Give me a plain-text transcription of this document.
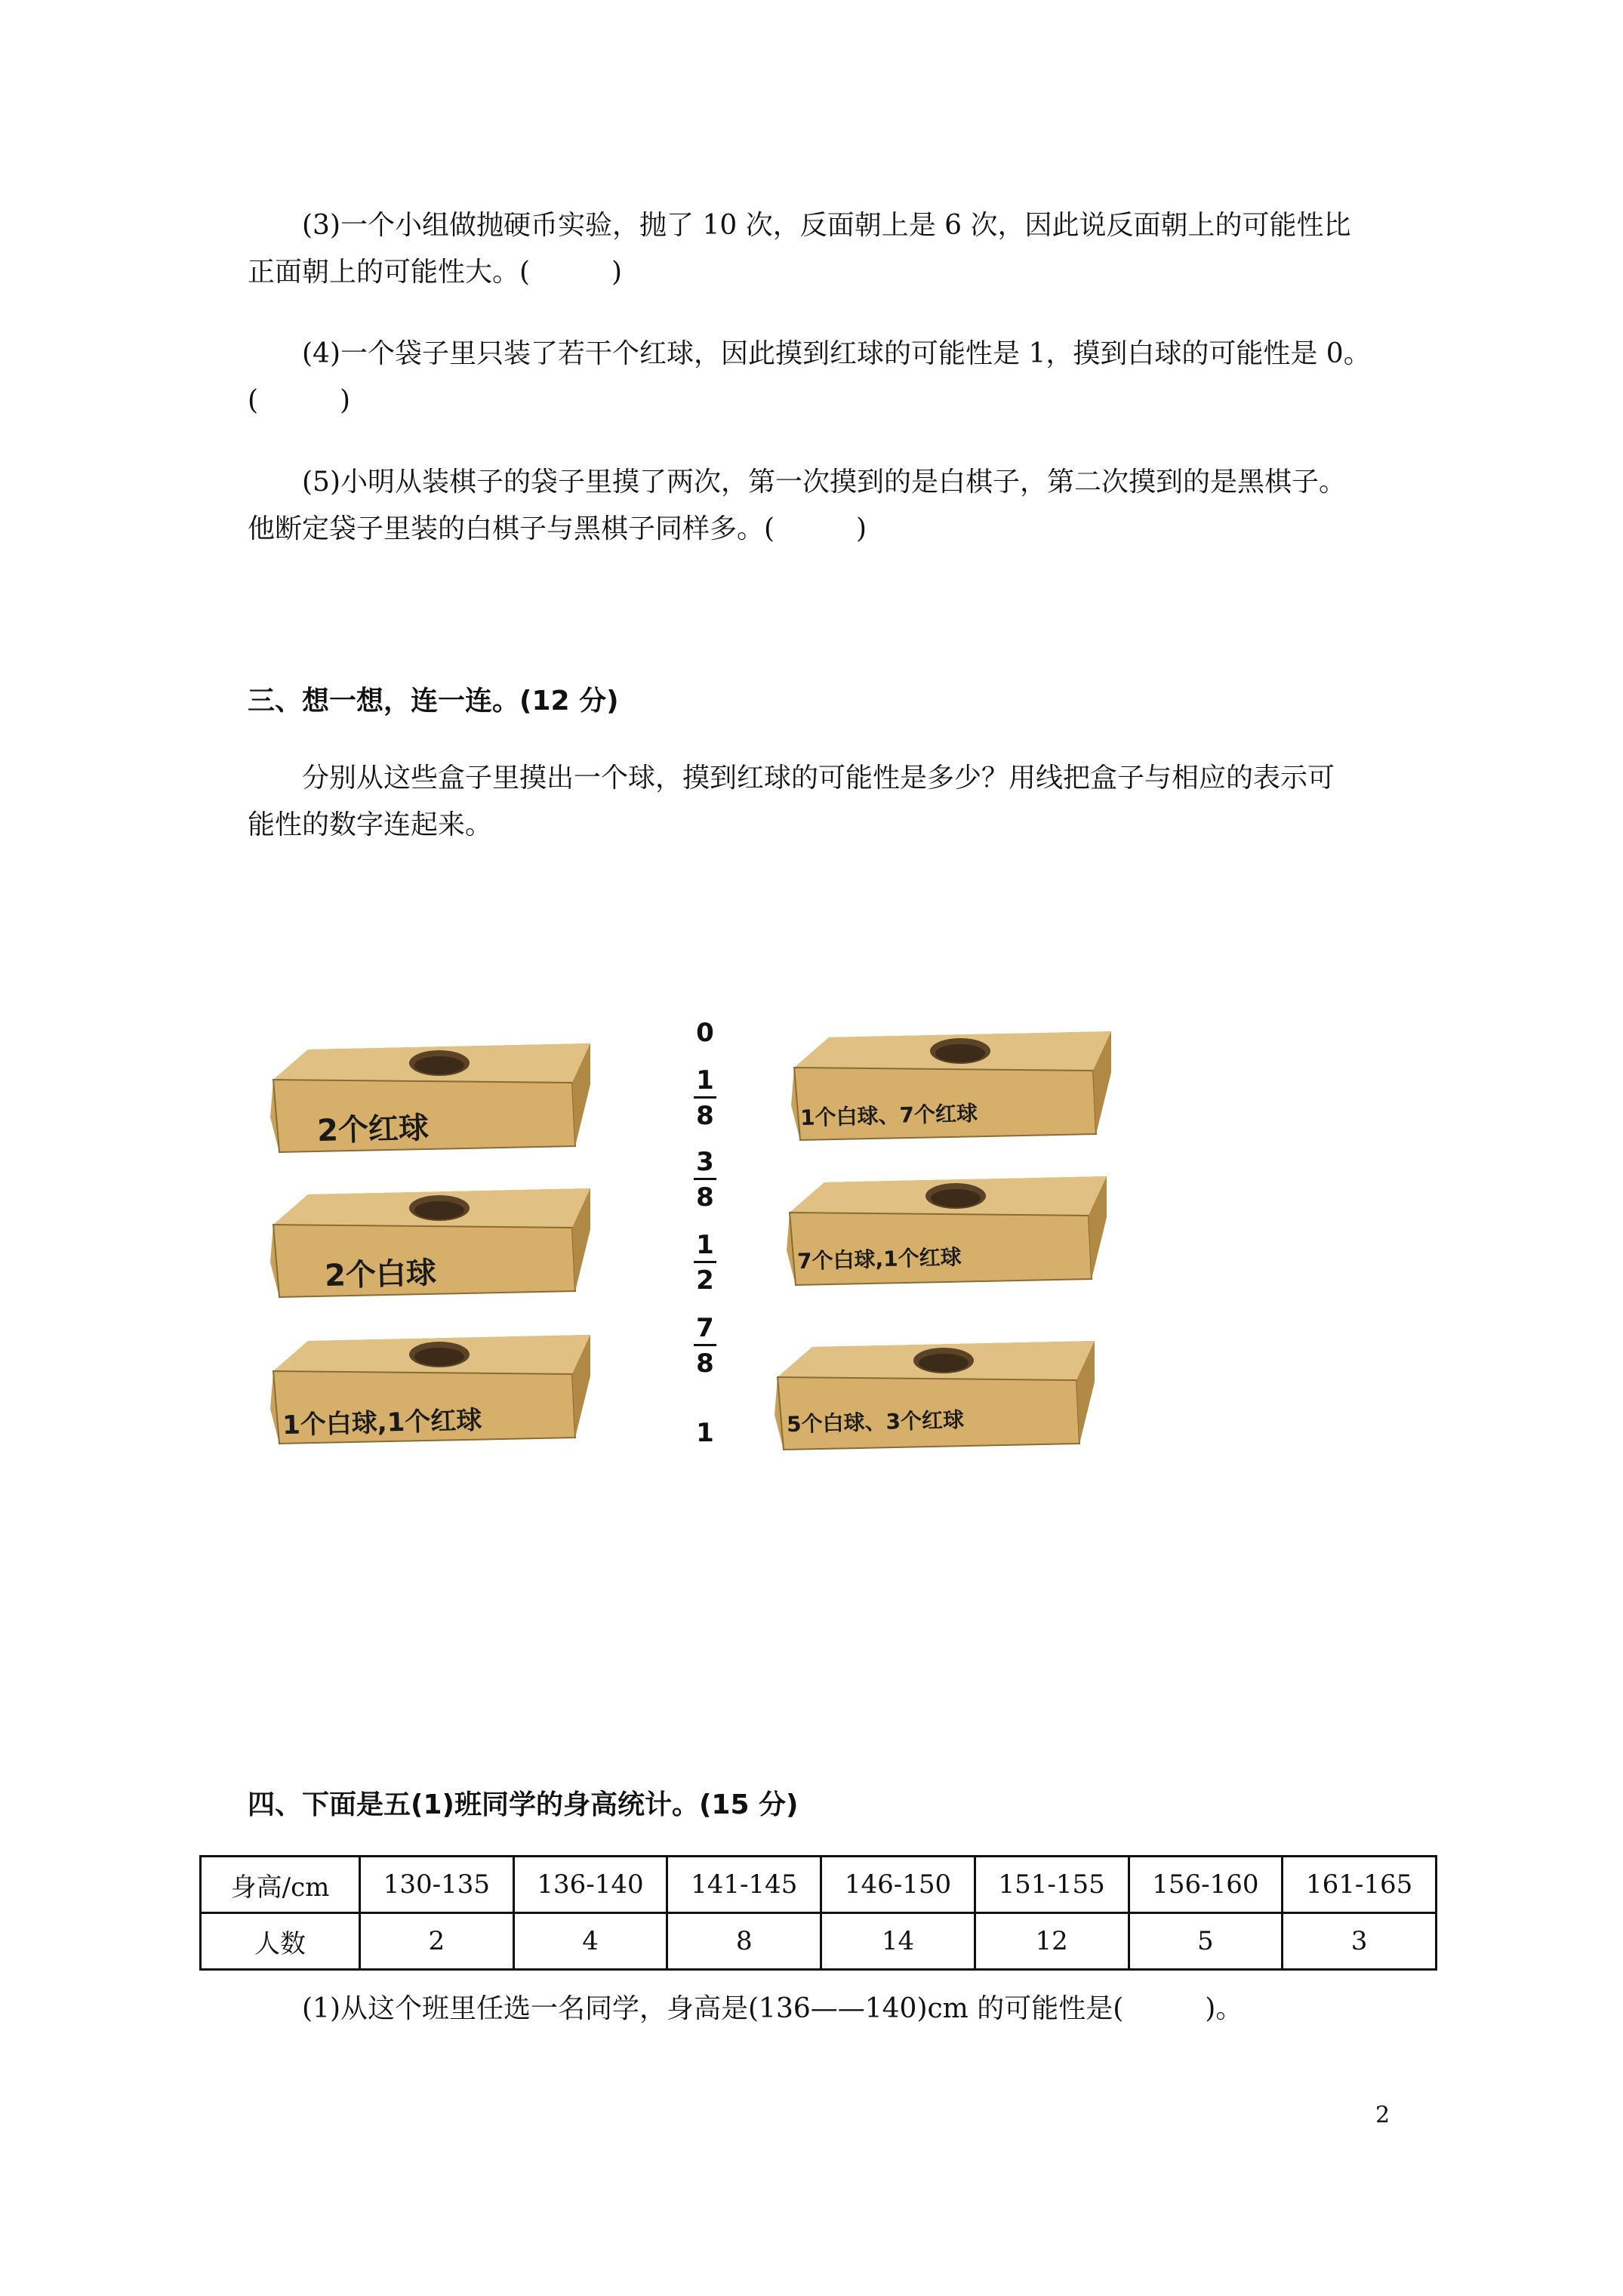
(3)一个小组做抛硬币实验，抛了 10 次，反面朝上是 6 次，因此说反面朝上的可能性比
正面朝上的可能性大。(　　　)

(4)一个袋子里只装了若干个红球，因此摸到红球的可能性是 1，摸到白球的可能性是 0。
(　　　)

(5)小明从装棋子的袋子里摸了两次，第一次摸到的是白棋子，第二次摸到的是黑棋子。
他断定袋子里装的白棋子与黑棋子同样多。(　　　)

三、想一想，连一连。(12 分)

分别从这些盒子里摸出一个球，摸到红球的可能性是多少？用线把盒子与相应的表示可
能性的数字连起来。

2个红球
2个白球
1个白球,1个红球
0
1
8
3
8
1
2
7
8
1
1个白球、7个红球
7个白球,1个红球
5个白球、3个红球
四、下面是五(1)班同学的身高统计。(15 分)
身高/cm	130-135	136-140	141-145	146-150	151-155	156-160	161-165
人数	2	4	8	14	12	5	3

(1)从这个班里任选一名同学，身高是(136——140)cm 的可能性是(　　　)。

2
